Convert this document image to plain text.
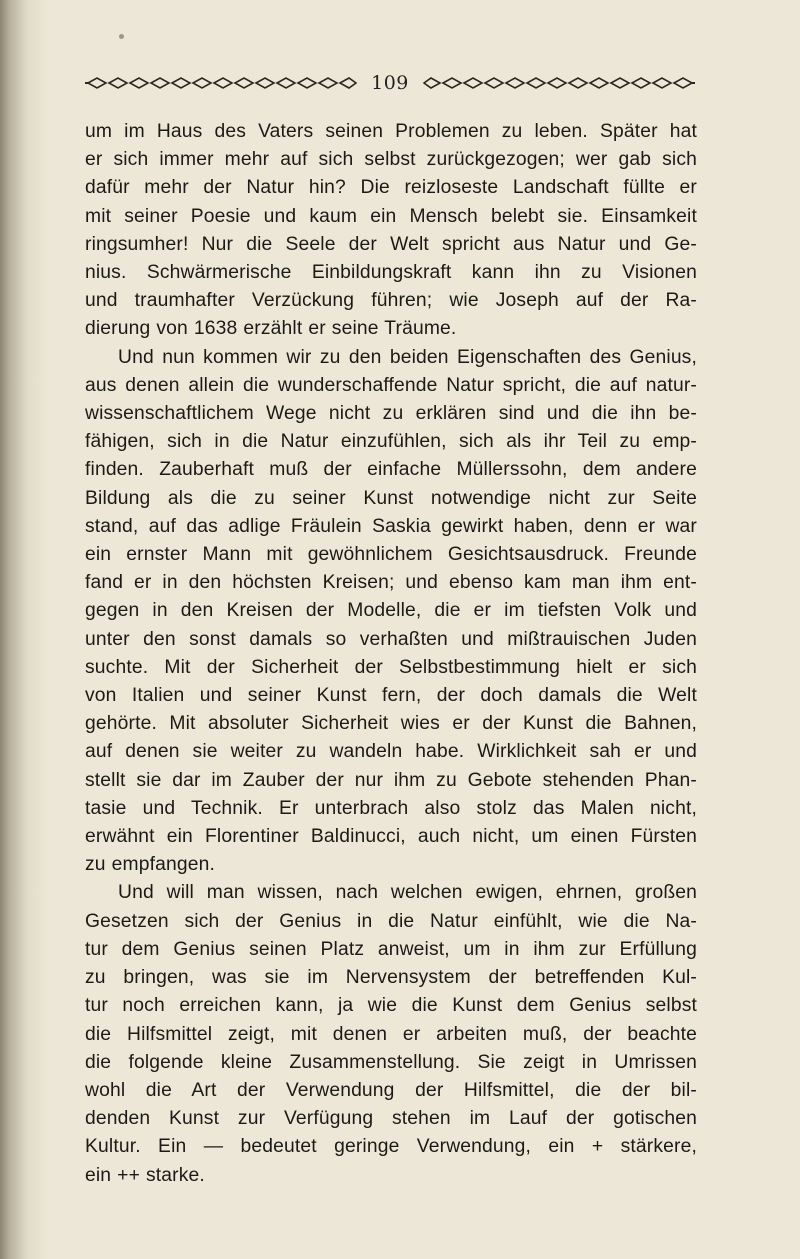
109

um im Haus des Vaters seinen Problemen zu leben. Später hat

er sich immer mehr auf sich selbst zurückgezogen; wer gab sich

dafür mehr der Natur hin? Die reizloseste Landschaft füllte er

mit seiner Poesie und kaum ein Mensch belebt sie. Einsamkeit

ringsumher! Nur die Seele der Welt spricht aus Natur und Ge-

nius. Schwärmerische Einbildungskraft kann ihn zu Visionen

und traumhafter Verzückung führen; wie Joseph auf der Ra-

dierung von 1638 erzählt er seine Träume.

Und nun kommen wir zu den beiden Eigenschaften des Genius,

aus denen allein die wunderschaffende Natur spricht, die auf natur-

wissenschaftlichem Wege nicht zu erklären sind und die ihn be-

fähigen, sich in die Natur einzufühlen, sich als ihr Teil zu emp-

finden. Zauberhaft muß der einfache Müllerssohn, dem andere

Bildung als die zu seiner Kunst notwendige nicht zur Seite

stand, auf das adlige Fräulein Saskia gewirkt haben, denn er war

ein ernster Mann mit gewöhnlichem Gesichtsausdruck. Freunde

fand er in den höchsten Kreisen; und ebenso kam man ihm ent-

gegen in den Kreisen der Modelle, die er im tiefsten Volk und

unter den sonst damals so verhaßten und mißtrauischen Juden

suchte. Mit der Sicherheit der Selbstbestimmung hielt er sich

von Italien und seiner Kunst fern, der doch damals die Welt

gehörte. Mit absoluter Sicherheit wies er der Kunst die Bahnen,

auf denen sie weiter zu wandeln habe. Wirklichkeit sah er und

stellt sie dar im Zauber der nur ihm zu Gebote stehenden Phan-

tasie und Technik. Er unterbrach also stolz das Malen nicht,

erwähnt ein Florentiner Baldinucci, auch nicht, um einen Fürsten

zu empfangen.

Und will man wissen, nach welchen ewigen, ehrnen, großen

Gesetzen sich der Genius in die Natur einfühlt, wie die Na-

tur dem Genius seinen Platz anweist, um in ihm zur Erfüllung

zu bringen, was sie im Nervensystem der betreffenden Kul-

tur noch erreichen kann, ja wie die Kunst dem Genius selbst

die Hilfsmittel zeigt, mit denen er arbeiten muß, der beachte

die folgende kleine Zusammenstellung. Sie zeigt in Umrissen

wohl die Art der Verwendung der Hilfsmittel, die der bil-

denden Kunst zur Verfügung stehen im Lauf der gotischen

Kultur. Ein — bedeutet geringe Verwendung, ein + stärkere,

ein ++ starke.
